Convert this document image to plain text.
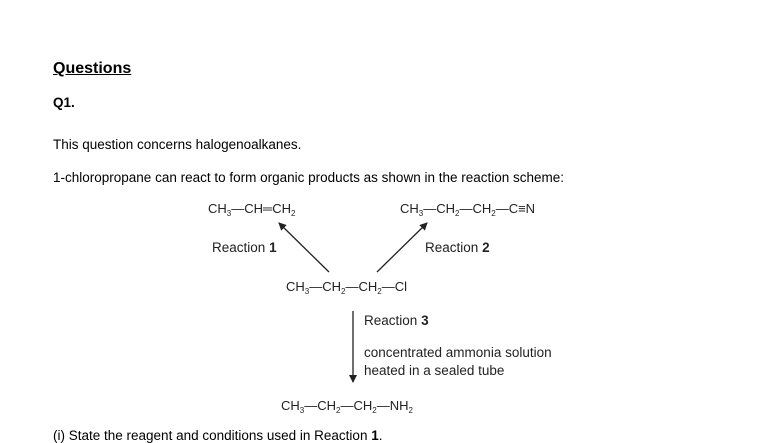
Questions
Q1.
This question concerns halogenoalkanes.
1-chloropropane can react to form organic products as shown in the reaction scheme:
$CH_3—CH═CH_2$	$CH_3—CH_2—CH_2—C\equiv N$
Reaction 1	Reaction 2
$CH_3—CH_2—CH_2—Cl$
Reaction 3
concentrated ammonia solution
heated in a sealed tube
$CH_3—CH_2—CH_2—NH_2$
(i) State the reagent and conditions used in Reaction 1.
